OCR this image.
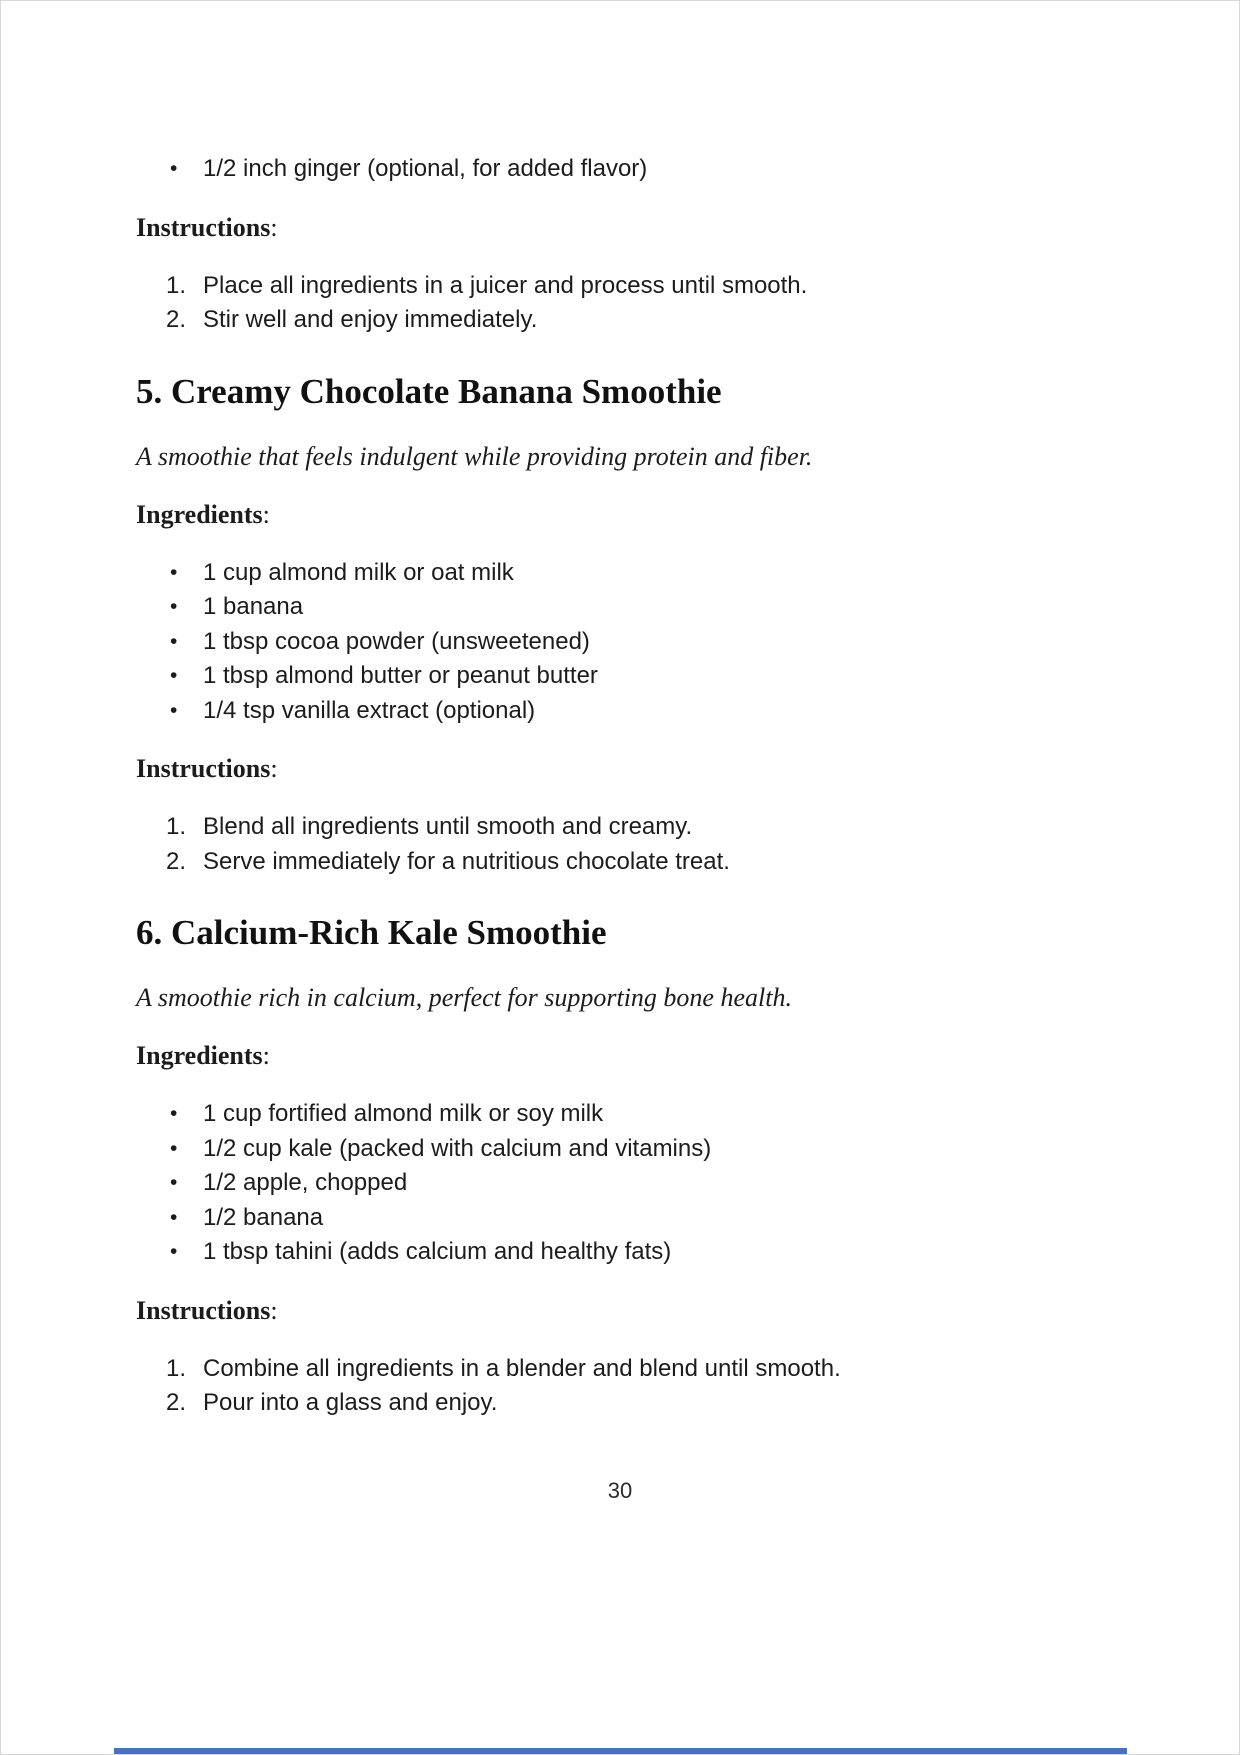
• 1/2 inch ginger (optional, for added flavor)

Instructions:

Place all ingredients in a juicer and process until smooth.
Stir well and enjoy immediately.
5. Creamy Chocolate Banana Smoothie

A smoothie that feels indulgent while providing protein and fiber.

Ingredients:

• 1 cup almond milk or oat milk
• 1 banana
• 1 tbsp cocoa powder (unsweetened)
• 1 tbsp almond butter or peanut butter
• 1/4 tsp vanilla extract (optional)

Instructions:

Blend all ingredients until smooth and creamy.
Serve immediately for a nutritious chocolate treat.
6. Calcium-Rich Kale Smoothie

A smoothie rich in calcium, perfect for supporting bone health.

Ingredients:

• 1 cup fortified almond milk or soy milk
• 1/2 cup kale (packed with calcium and vitamins)
• 1/2 apple, chopped
• 1/2 banana
• 1 tbsp tahini (adds calcium and healthy fats)

Instructions:

Combine all ingredients in a blender and blend until smooth.
Pour into a glass and enjoy.
30
